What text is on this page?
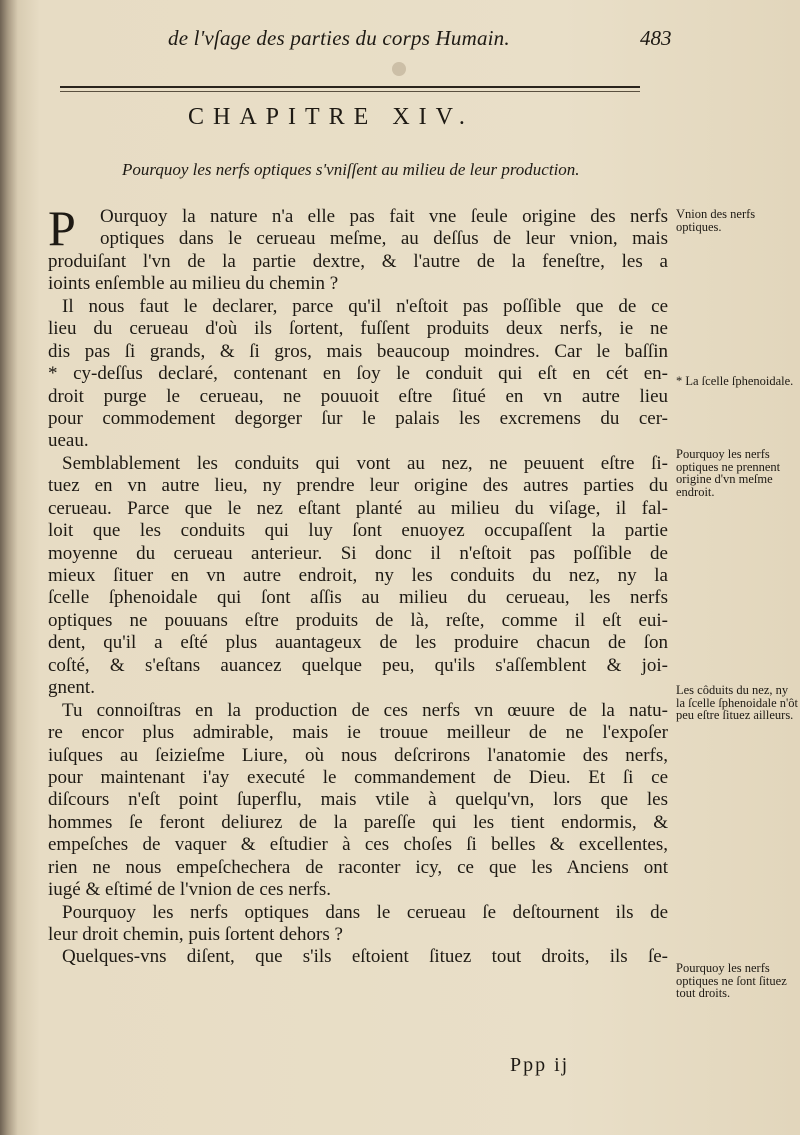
de l'vſage des parties du corps Humain.	483
CHAPITRE XIV.
Pourquoy les nerfs optiques s'vniſſent au milieu de leur production.
P	Ourquoy la nature n'a elle pas fait vne ſeule origine des nerfs
optiques dans le cerueau meſme, au deſſus de leur vnion, mais
produiſant l'vn de la partie dextre, & l'autre de la feneſtre, les a
ioints enſemble au milieu du chemin ?
Il nous faut le declarer, parce qu'il n'eſtoit pas poſſible que de ce
lieu du cerueau d'où ils ſortent, fuſſent produits deux nerfs, ie ne
dis pas ſi grands, & ſi gros, mais beaucoup moindres. Car le baſſin
* cy-deſſus declaré, contenant en ſoy le conduit qui eſt en cét en-
droit purge le cerueau, ne pouuoit eſtre ſitué en vn autre lieu
pour commodement degorger ſur le palais les excremens du cer-
ueau.
Semblablement les conduits qui vont au nez, ne peuuent eſtre ſi-
tuez en vn autre lieu, ny prendre leur origine des autres parties du
cerueau. Parce que le nez eſtant planté au milieu du viſage, il fal-
loit que les conduits qui luy ſont enuoyez occupaſſent la partie
moyenne du cerueau anterieur. Si donc il n'eſtoit pas poſſible de
mieux ſituer en vn autre endroit, ny les conduits du nez, ny la
ſcelle ſphenoidale qui ſont aſſis au milieu du cerueau, les nerfs
optiques ne pouuans eſtre produits de là, reſte, comme il eſt eui-
dent, qu'il a eſté plus auantageux de les produire chacun de ſon
coſté, & s'eſtans auancez quelque peu, qu'ils s'aſſemblent & joi-
gnent.
Tu connoiſtras en la production de ces nerfs vn œuure de la natu-
re encor plus admirable, mais ie trouue meilleur de ne l'expoſer
iuſques au ſeizieſme Liure, où nous deſcrirons l'anatomie des nerfs,
pour maintenant i'ay executé le commandement de Dieu. Et ſi ce
diſcours n'eſt point ſuperflu, mais vtile à quelqu'vn, lors que les
hommes ſe feront deliurez de la pareſſe qui les tient endormis, &
empeſches de vaquer & eſtudier à ces choſes ſi belles & excellentes,
rien ne nous empeſchechera de raconter icy, ce que les Anciens ont
iugé & eſtimé de l'vnion de ces nerfs.
Pourquoy les nerfs optiques dans le cerueau ſe deſtournent ils de
leur droit chemin, puis ſortent dehors ?
Quelques-vns diſent, que s'ils eſtoient ſituez tout droits, ils ſe-
Vnion des nerfs optiques.
* La ſcelle ſphenoidale.
Pourquoy les nerfs optiques ne prennent origine d'vn meſme endroit.
Les côduits du nez, ny la ſcelle ſphenoidale n'ôt peu eſtre ſituez ailleurs.
Pourquoy les nerfs optiques ne ſont ſituez tout droits.
Ppp ij
